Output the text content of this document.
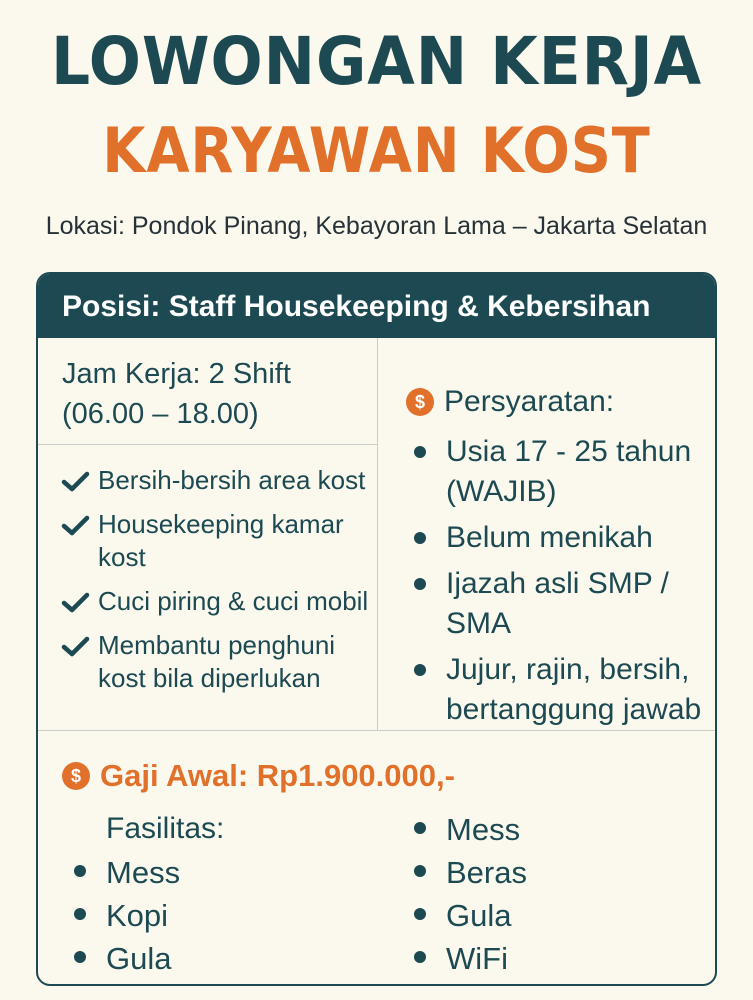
LOWONGAN KERJA
KARYAWAN KOST
Lokasi: Pondok Pinang, Kebayoran Lama – Jakarta Selatan
Posisi: Staff Housekeeping & Kebersihan
Jam Kerja: 2 Shift
(06.00 – 18.00)
Bersih-bersih area kost
Housekeeping kamar kost
Cuci piring & cuci mobil
Membantu penghuni kost bila diperlukan
$ Persyaratan:
Usia 17 - 25 tahun (WAJIB)
Belum menikah
Ijazah asli SMP / SMA
Jujur, rajin, bersih, bertanggung jawab
$ Gaji Awal: Rp1.900.000,-
Fasilitas:
Mess
Kopi
Gula
Mess
Beras
Gula
WiFi
